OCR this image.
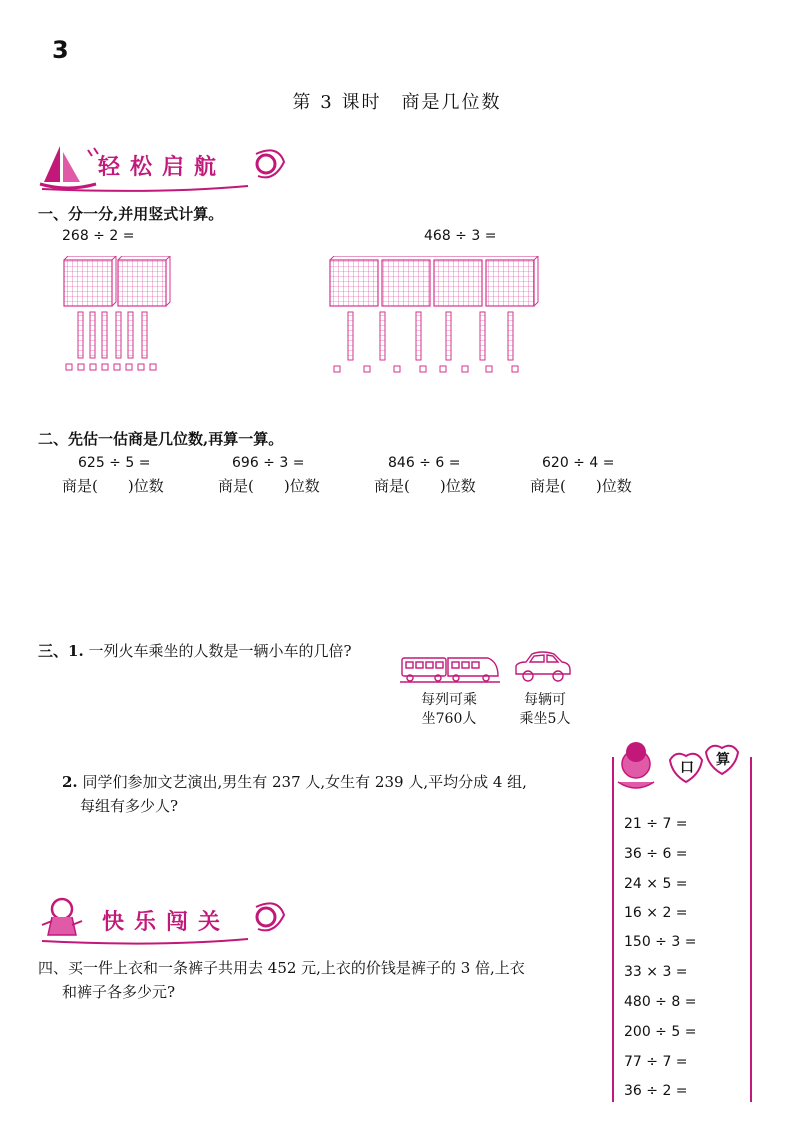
3
第 3 课时　商是几位数
轻松启航
一、分一分,并用竖式计算。
268 ÷ 2 =	468 ÷ 3 =
二、先估一估商是几位数,再算一算。
625 ÷ 5 =	696 ÷ 3 =	846 ÷ 6 =	620 ÷ 4 =
商是(　　)位数	商是(　　)位数	商是(　　)位数	商是(　　)位数
三、1. 一列火车乘坐的人数是一辆小车的几倍?
每列可乘
坐760人
每辆可
乘坐5人
2. 同学们参加文艺演出,男生有 237 人,女生有 239 人,平均分成 4 组,
每组有多少人?
快乐闯关
四、买一件上衣和一条裤子共用去 452 元,上衣的价钱是裤子的 3 倍,上衣
和裤子各多少元?
口 算
21 ÷ 7 =
36 ÷ 6 =
24 × 5 =
16 × 2 =
150 ÷ 3 =
33 × 3 =
480 ÷ 8 =
200 ÷ 5 =
77 ÷ 7 =
36 ÷ 2 =
